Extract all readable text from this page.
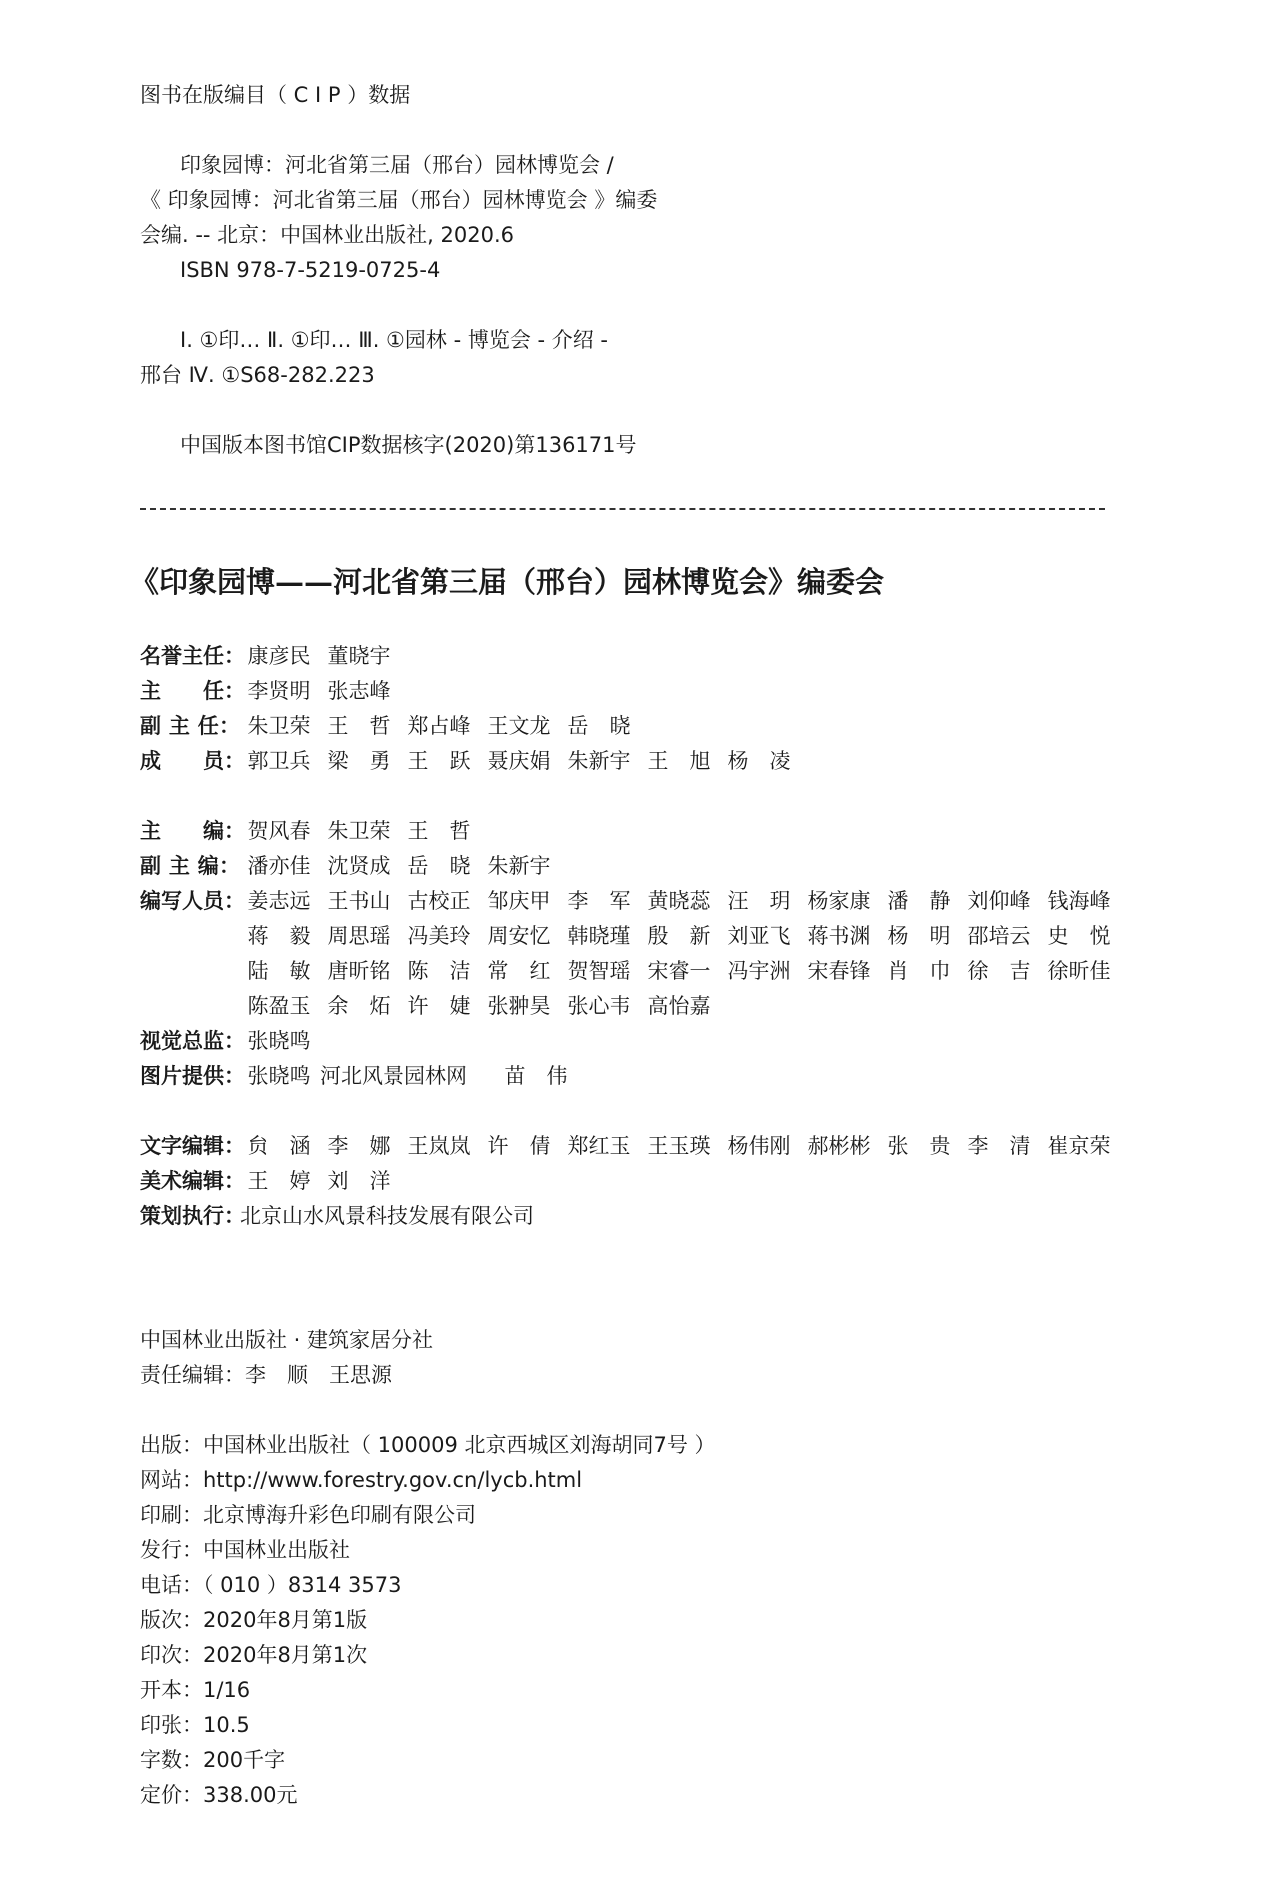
图书在版编目（ C I P ）数据
印象园博：河北省第三届（邢台）园林博览会 /
《 印象园博：河北省第三届（邢台）园林博览会 》编委
会编. -- 北京：中国林业出版社, 2020.6
ISBN 978-7-5219-0725-4
Ⅰ. ①印… Ⅱ. ①印… Ⅲ. ①园林 - 博览会 - 介绍 -
邢台 Ⅳ. ①S68-282.223
中国版本图书馆CIP数据核字(2020)第136171号
《印象园博——河北省第三届（邢台）园林博览会》编委会
名誉主任： 康彦民 董晓宇
主　　任： 李贤明 张志峰
副 主 任： 朱卫荣 王　哲 郑占峰 王文龙 岳　晓
成　　员： 郭卫兵 梁　勇 王　跃 聂庆娟 朱新宇 王　旭 杨　凌
主　　编： 贺风春 朱卫荣 王　哲
副 主 编： 潘亦佳 沈贤成 岳　晓 朱新宇
编写人员： 姜志远 王书山 古校正 邹庆甲 李　军 黄晓蕊 汪　玥 杨家康 潘　静 刘仰峰 钱海峰
蒋　毅 周思瑶 冯美玲 周安忆 韩晓瑾 殷　新 刘亚飞 蒋书渊 杨　明 邵培云 史　悦
陆　敏 唐昕铭 陈　洁 常　红 贺智瑶 宋睿一 冯宇洲 宋春锋 肖　巾 徐　吉 徐昕佳
陈盈玉 余　炻 许　婕 张翀昊 张心韦 高怡嘉
视觉总监： 张晓鸣
图片提供： 张晓鸣 河北风景园林网	苗　伟
文字编辑： 贠　涵 李　娜 王岚岚 许　倩 郑红玉 王玉瑛 杨伟刚 郝彬彬 张　贵 李　清 崔京荣
美术编辑： 王　婷 刘　洋
策划执行：
北京山水风景科技发展有限公司
中国林业出版社 · 建筑家居分社
责任编辑：李　顺　王思源
出版：中国林业出版社（ 100009 北京西城区刘海胡同7号 ）
网站：http://www.forestry.gov.cn/lycb.html
印刷：北京博海升彩色印刷有限公司
发行：中国林业出版社
电话：（ 010 ）8314 3573
版次：2020年8月第1版
印次：2020年8月第1次
开本：1/16
印张：10.5
字数：200千字
定价：338.00元
